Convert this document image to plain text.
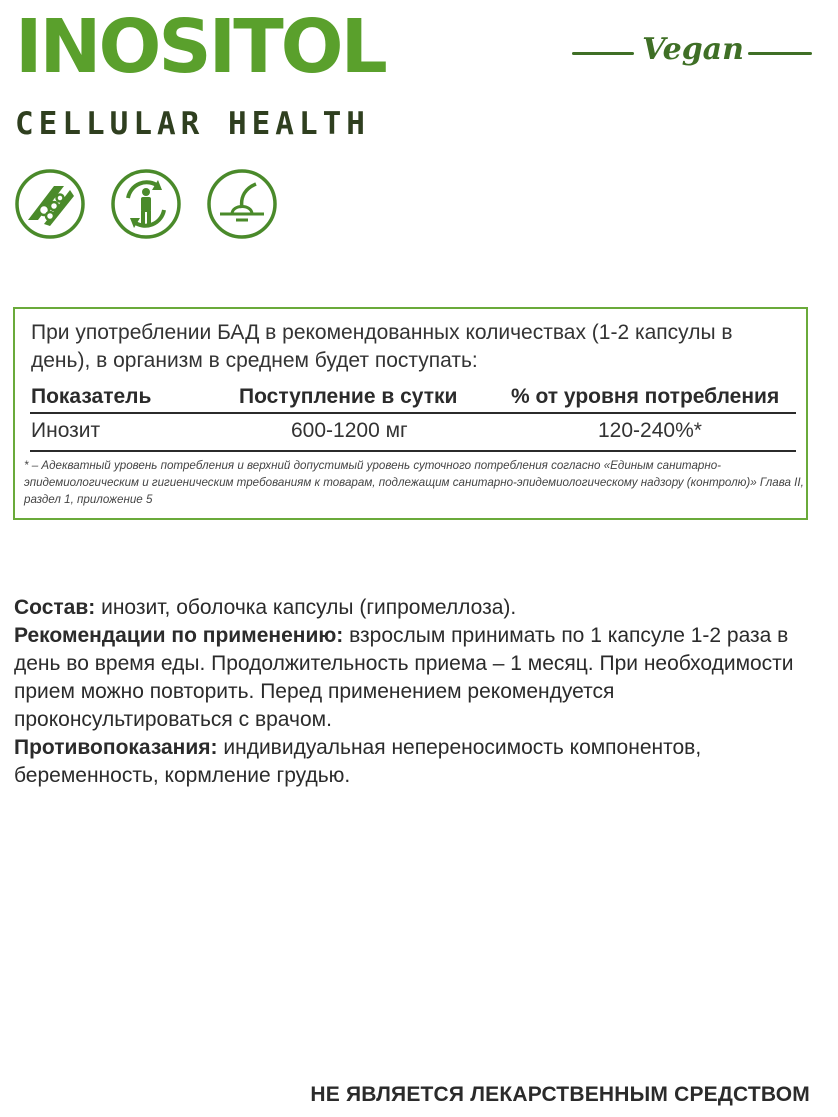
INOSITOL
CELLULAR HEALTH
Vegan
При употреблении БАД в рекомендованных количествах (1-2 капсулы в день), в организм в среднем будет поступать:
Показатель	Поступление в сутки	% от уровня потребления
Инозит	600-1200 мг	120-240%*
* – Адекватный уровень потребления и верхний допустимый уровень суточного потребления согласно «Единым санитарно-эпидемиологическим и гигиеническим требованиям к товарам, подлежащим санитарно-эпидемиологическому надзору (контролю)» Глава II, раздел 1, приложение 5

Состав: инозит, оболочка капсулы (гипромеллоза).

Рекомендации по применению: взрослым принимать по 1 капсуле 1-2 раза в день во время еды. Продолжительность приема – 1 месяц. При необходимости прием можно повторить. Перед применением рекомендуется проконсультироваться с врачом.

Противопоказания: индивидуальная непереносимость компонентов, беременность, кормление грудью.

НЕ ЯВЛЯЕТСЯ ЛЕКАРСТВЕННЫМ СРЕДСТВОМ
